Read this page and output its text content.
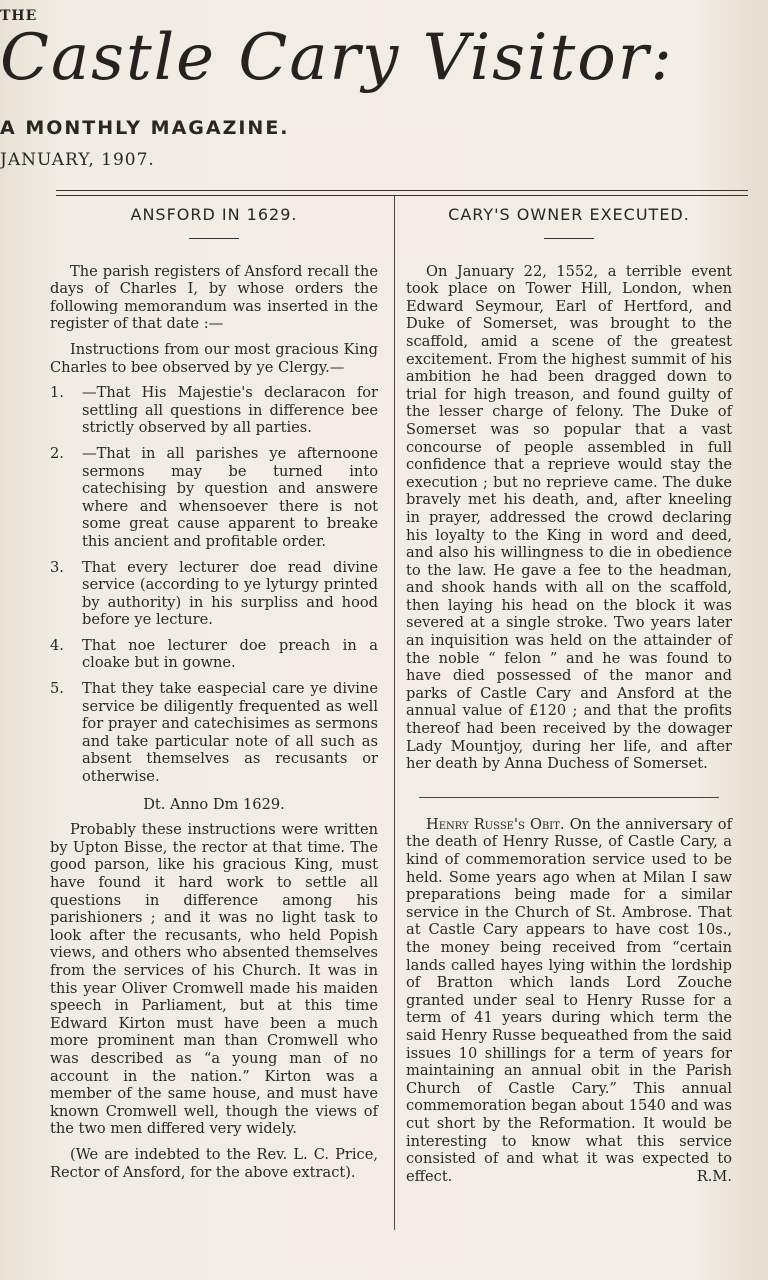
THE
Castle Cary Visitor:
A MONTHLY MAGAZINE.
JANUARY, 1907.
ANSFORD IN 1629.

The parish registers of Ansford recall the days of Charles I, by whose orders the following memorandum was inserted in the register of that date :—

Instructions from our most gracious King Charles to bee observed by ye Clergy.—

1. —That His Majestie's declaracon for settling all questions in difference bee strictly observed by all parties.
2. —That in all parishes ye afternoone sermons may be turned into catechising by question and answere where and whensoever there is not some great cause apparent to breake this ancient and profitable order.
3. That every lecturer doe read divine service (according to ye lyturgy printed by authority) in his surpliss and hood before ye lecture.
4. That noe lecturer doe preach in a cloake but in gowne.
5. That they take easpecial care ye divine service be diligently frequented as well for prayer and catechisimes as sermons and take particular note of all such as absent themselves as recusants or otherwise.

Dt. Anno Dm 1629.

Probably these instructions were written by Upton Bisse, the rector at that time. The good parson, like his gracious King, must have found it hard work to settle all questions in difference among his parishioners ; and it was no light task to look after the recusants, who held Popish views, and others who absented themselves from the services of his Church. It was in this year Oliver Cromwell made his maiden speech in Parliament, but at this time Edward Kirton must have been a much more prominent man than Cromwell who was described as “a young man of no account in the nation.” Kirton was a member of the same house, and must have known Cromwell well, though the views of the two men differed very widely.

(We are indebted to the Rev. L. C. Price, Rector of Ansford, for the above extract).

CARY'S OWNER EXECUTED.

On January 22, 1552, a terrible event took place on Tower Hill, London, when Edward Seymour, Earl of Hertford, and Duke of Somerset, was brought to the scaffold, amid a scene of the greatest excitement. From the highest summit of his ambition he had been dragged down to trial for high treason, and found guilty of the lesser charge of felony. The Duke of Somerset was so popular that a vast concourse of people assembled in full confidence that a reprieve would stay the execution ; but no reprieve came. The duke bravely met his death, and, after kneeling in prayer, addressed the crowd declaring his loyalty to the King in word and deed, and also his willingness to die in obedience to the law. He gave a fee to the headman, and shook hands with all on the scaffold, then laying his head on the block it was severed at a single stroke. Two years later an inquisition was held on the attainder of the noble “ felon ” and he was found to have died possessed of the manor and parks of Castle Cary and Ansford at the annual value of £120 ; and that the profits thereof had been received by the dowager Lady Mountjoy, during her life, and after her death by Anna Duchess of Somerset.

Henry Russe's Obit. On the anniversary of the death of Henry Russe, of Castle Cary, a kind of commemoration service used to be held. Some years ago when at Milan I saw preparations being made for a similar service in the Church of St. Ambrose. That at Castle Cary appears to have cost 10s., the money being received from “certain lands called hayes lying within the lordship of Bratton which lands Lord Zouche granted under seal to Henry Russe for a term of 41 years during which term the said Henry Russe bequeathed from the said issues 10 shillings for a term of years for maintaining an annual obit in the Parish Church of Castle Cary.” This annual commemoration began about 1540 and was cut short by the Reformation. It would be interesting to know what this service consisted of and what it was expected to effect.	R.M.
